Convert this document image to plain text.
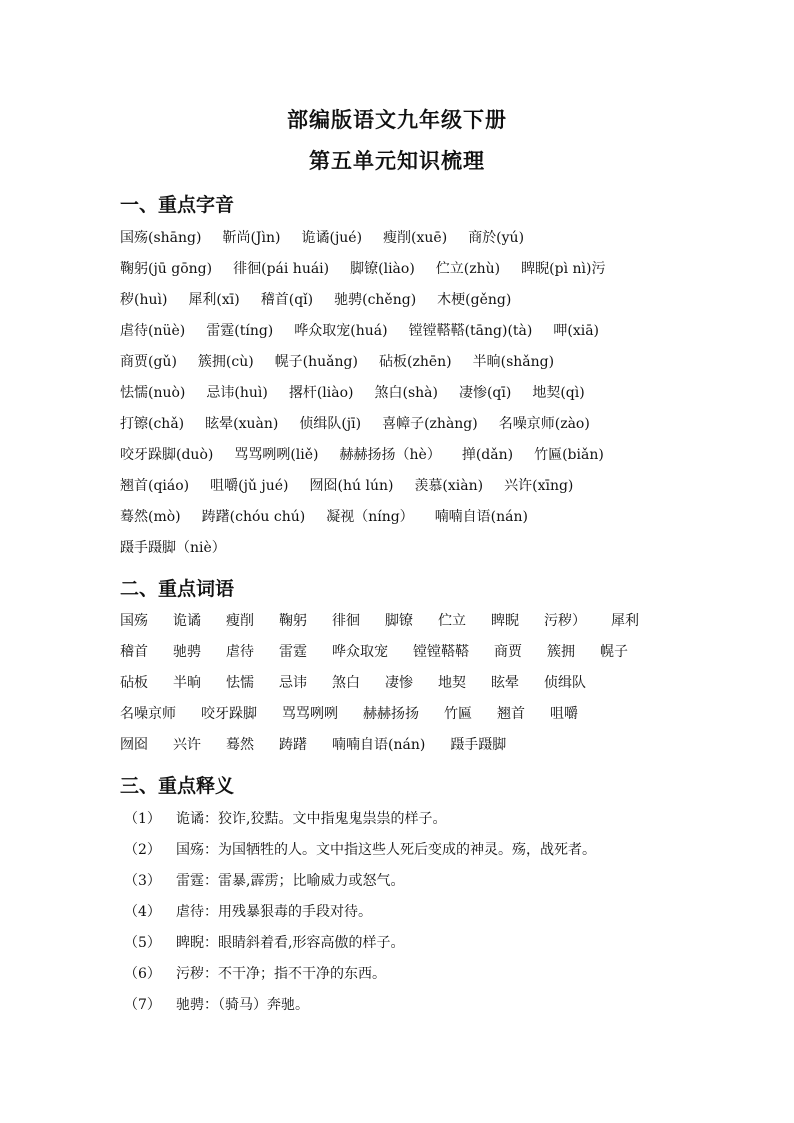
部编版语文九年级下册
第五单元知识梳理
一、重点字音
国殇(shāng) 靳尚(Jìn) 诡谲(jué) 瘦削(xuē) 商於(yú)
鞠躬(jū gōng) 徘徊(pái huái) 脚镣(liào) 伫立(zhù) 睥睨(pì nì)污
秽(huì) 犀利(xī) 稽首(qǐ) 驰骋(chěng) 木梗(gěng)
虐待(nüè) 雷霆(tíng) 哗众取宠(huá) 镗镗鞳鞳(tāng)(tà) 呷(xiā)
商贾(gǔ) 簇拥(cù) 幌子(huǎng) 砧板(zhēn) 半晌(shǎng)
怯懦(nuò) 忌讳(huì) 撂杆(liào) 煞白(shà) 凄惨(qī) 地契(qì)
打镲(chǎ) 眩晕(xuàn) 侦缉队(jī) 喜幛子(zhàng) 名噪京师(zào)
咬牙跺脚(duò) 骂骂咧咧(liě) 赫赫扬扬（hè） 掸(dǎn) 竹匾(biǎn)
翘首(qiáo) 咀嚼(jǔ jué) 囫囵(hú lún) 羡慕(xiàn) 兴许(xīng)
蓦然(mò) 踌躇(chóu chú) 凝视（níng） 喃喃自语(nán)
蹑手蹑脚（niè）
二、重点词语
国殇 诡谲 瘦削 鞠躬 徘徊 脚镣 伫立 睥睨 污秽） 犀利
稽首 驰骋 虐待 雷霆 哗众取宠 镗镗鞳鞳 商贾 簇拥 幌子
砧板 半晌 怯懦 忌讳 煞白 凄惨 地契 眩晕 侦缉队
名噪京师 咬牙跺脚 骂骂咧咧 赫赫扬扬 竹匾 翘首 咀嚼
囫囵 兴许 蓦然 踌躇 喃喃自语(nán) 蹑手蹑脚
三、重点释义
（1） 诡谲：狡诈,狡黠。文中指鬼鬼祟祟的样子。
（2） 国殇：为国牺牲的人。文中指这些人死后变成的神灵。殇，战死者。
（3） 雷霆：雷暴,霹雳；比喻威力或怒气。
（4） 虐待：用残暴狠毒的手段对待。
（5） 睥睨：眼睛斜着看,形容高傲的样子。
（6） 污秽：不干净；指不干净的东西。
（7） 驰骋：（骑马）奔驰。
